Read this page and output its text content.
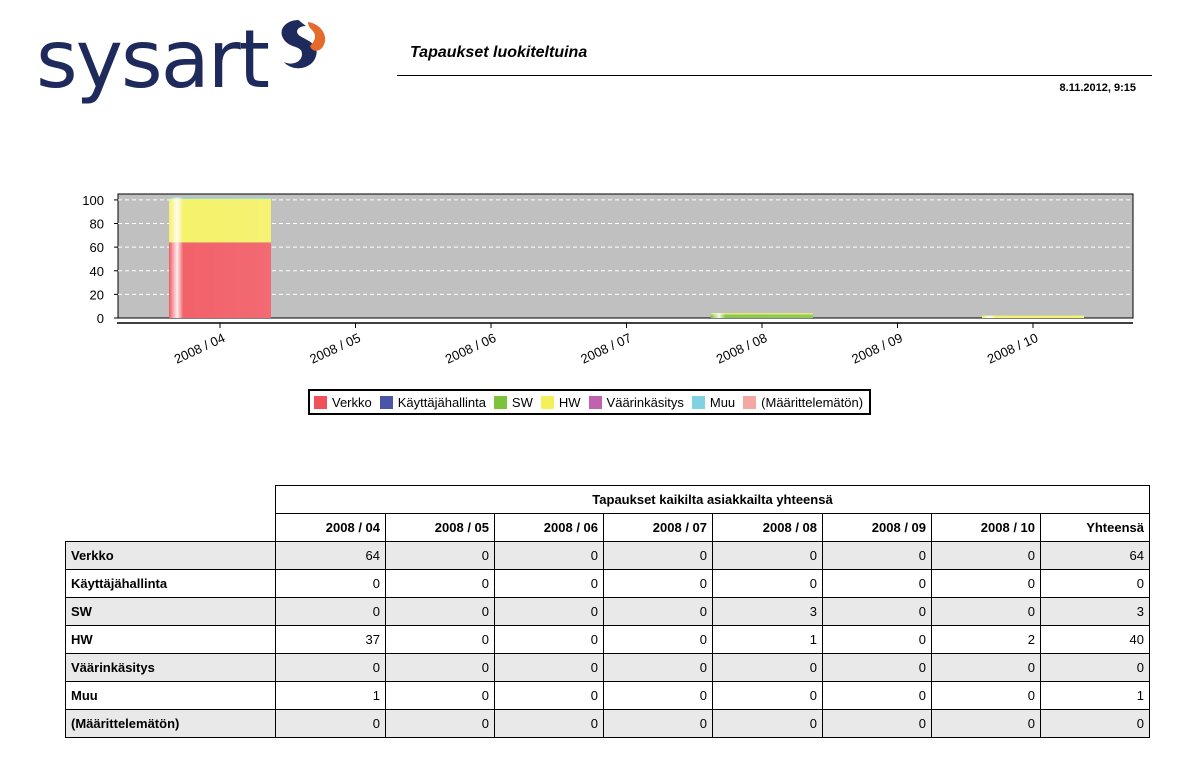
sysart	Tapaukset luokiteltuina
8.11.2012, 9:15
0
20
40
60
80
100
2008 / 04	2008 / 05	2008 / 06	2008 / 07	2008 / 08	2008 / 09	2008 / 10
Verkko Käyttäjähallinta SW HW Väärinkäsitys Muu (Määrittelemätön)
	Tapaukset kaikilta asiakkailta yhteensä							
	2008 / 04	2008 / 05	2008 / 06	2008 / 07	2008 / 08	2008 / 09	2008 / 10	Yhteensä
Verkko	64	0	0	0	0	0	0	64
Käyttäjähallinta	0	0	0	0	0	0	0	0
SW	0	0	0	0	3	0	0	3
HW	37	0	0	0	1	0	2	40
Väärinkäsitys	0	0	0	0	0	0	0	0
Muu	1	0	0	0	0	0	0	1
(Määrittelemätön)	0	0	0	0	0	0	0	0
